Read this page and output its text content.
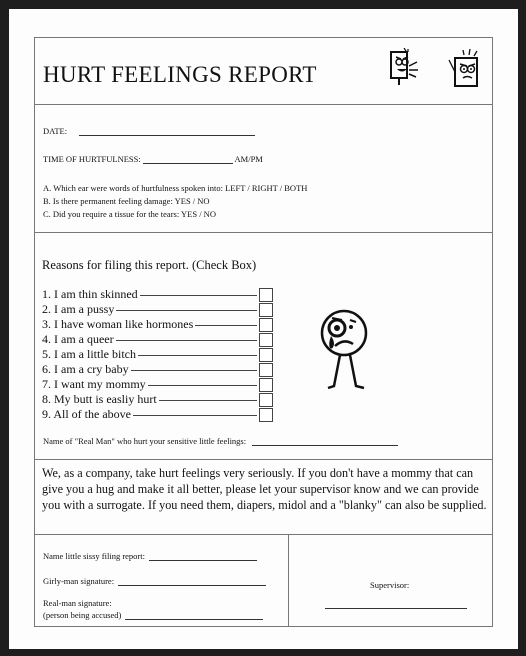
HURT FEELINGS REPORT
DATE:
TIME OF HURTFULNESS:	AM/PM
A. Which ear were words of hurtfulness spoken into: LEFT / RIGHT / BOTH
B. Is there permanent feeling damage: YES / NO
C. Did you require a tissue for the tears: YES / NO
Reasons for filing this report. (Check Box)
1. I am thin skinned
2. I am a pussy
3. I have woman like hormones
4. I am a queer
5. I am a little bitch
6. I am a cry baby
7. I want my mommy
8. My butt is easliy hurt
9. All of the above
Name of "Real Man" who hurt your sensitive little feelings:
We, as a company, take hurt feelings very seriously. If you don't have a mommy that can give you a hug and make it all better, please let your supervisor know and we can provide you with a surrogate. If you need them, diapers, midol and a "blanky" can also be supplied.
Name little sissy filing report:
Girly-man signature:
Real-man signature:
(person being accused)
Supervisor:
